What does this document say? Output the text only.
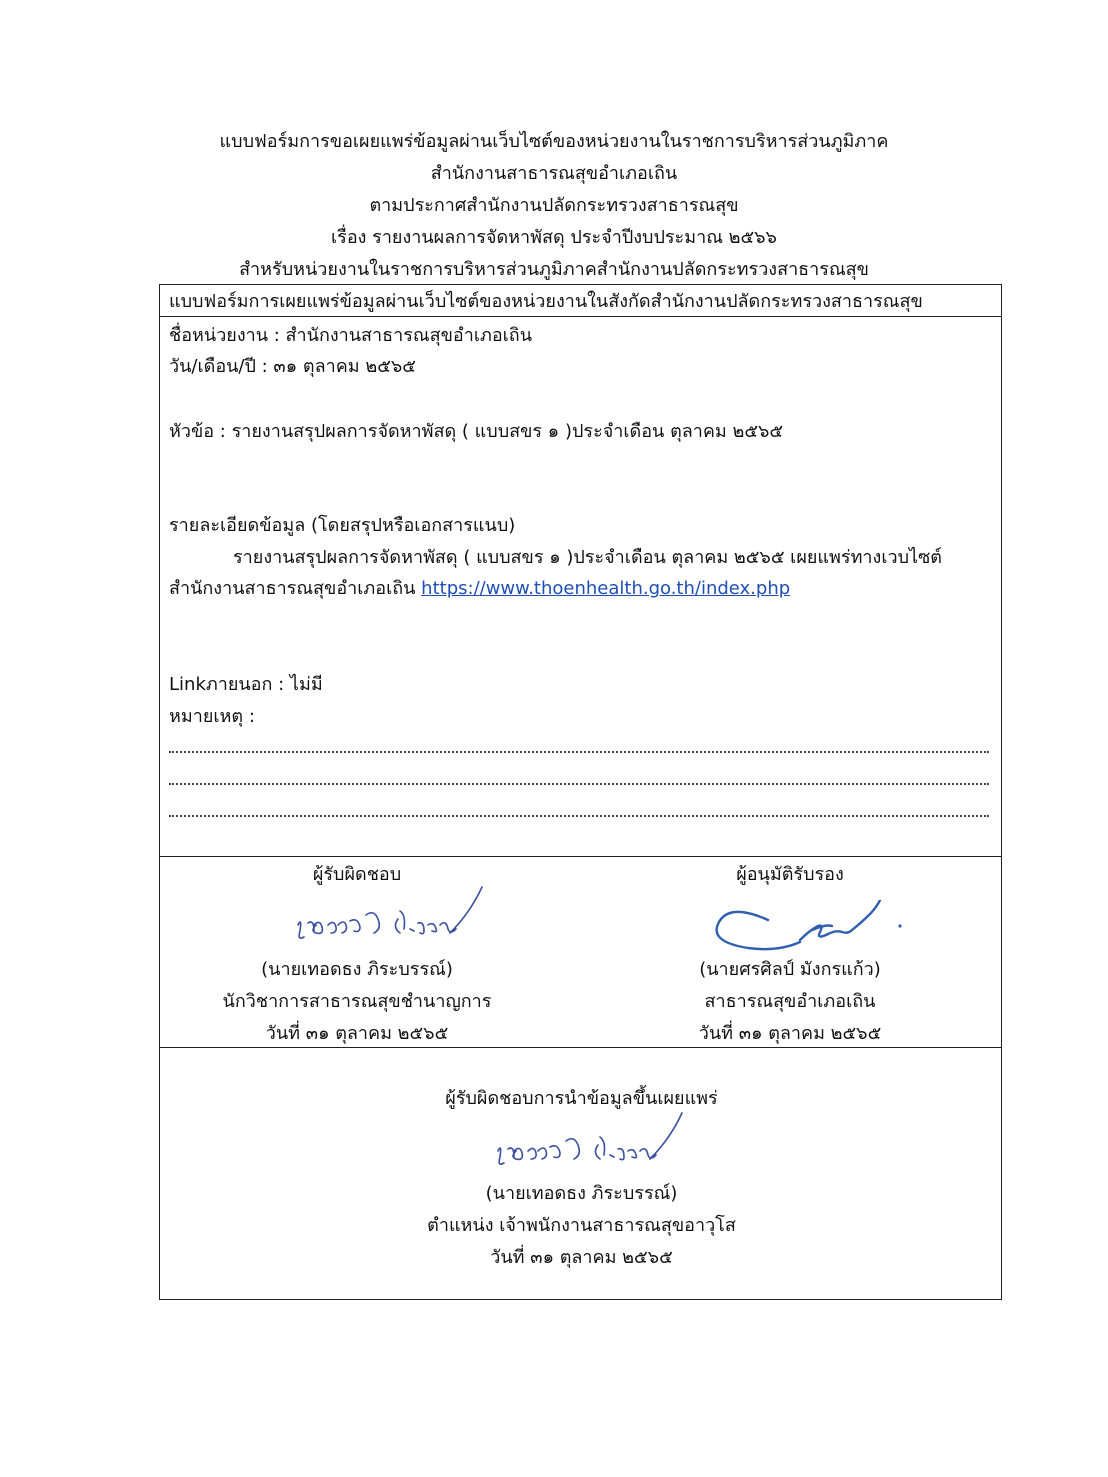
แบบฟอร์มการขอเผยแพร่ข้อมูลผ่านเว็บไซต์ของหน่วยงานในราชการบริหารส่วนภูมิภาค
สำนักงานสาธารณสุขอำเภอเถิน
ตามประกาศสำนักงานปลัดกระทรวงสาธารณสุข
เรื่อง รายงานผลการจัดหาพัสดุ ประจำปีงบประมาณ ๒๕๖๖
สำหรับหน่วยงานในราชการบริหารส่วนภูมิภาคสำนักงานปลัดกระทรวงสาธารณสุข
แบบฟอร์มการเผยแพร่ข้อมูลผ่านเว็บไซต์ของหน่วยงานในสังกัดสำนักงานปลัดกระทรวงสาธารณสุข
ชื่อหน่วยงาน : สำนักงานสาธารณสุขอำเภอเถิน
วัน/เดือน/ปี : ๓๑ ตุลาคม ๒๕๖๕
หัวข้อ : รายงานสรุปผลการจัดหาพัสดุ ( แบบสขร ๑ )ประจำเดือน ตุลาคม ๒๕๖๕
รายละเอียดข้อมูล (โดยสรุปหรือเอกสารแนบ)
รายงานสรุปผลการจัดหาพัสดุ ( แบบสขร ๑ )ประจำเดือน ตุลาคม ๒๕๖๕ เผยแพร่ทางเวบไซต์
สำนักงานสาธารณสุขอำเภอเถิน https://www.thoenhealth.go.th/index.php
Linkภายนอก : ไม่มี
หมายเหตุ :
ผู้รับผิดชอบ
(นายเทอดธง ภิระบรรณ์)
นักวิชาการสาธารณสุขชำนาญการ
วันที่ ๓๑ ตุลาคม ๒๕๖๕
ผู้อนุมัติรับรอง
(นายศรศิลป์ มังกรแก้ว)
สาธารณสุขอำเภอเถิน
วันที่ ๓๑ ตุลาคม ๒๕๖๕
ผู้รับผิดชอบการนำข้อมูลขึ้นเผยแพร่
(นายเทอดธง ภิระบรรณ์)
ตำแหน่ง เจ้าพนักงานสาธารณสุขอาวุโส
วันที่ ๓๑ ตุลาคม ๒๕๖๕
